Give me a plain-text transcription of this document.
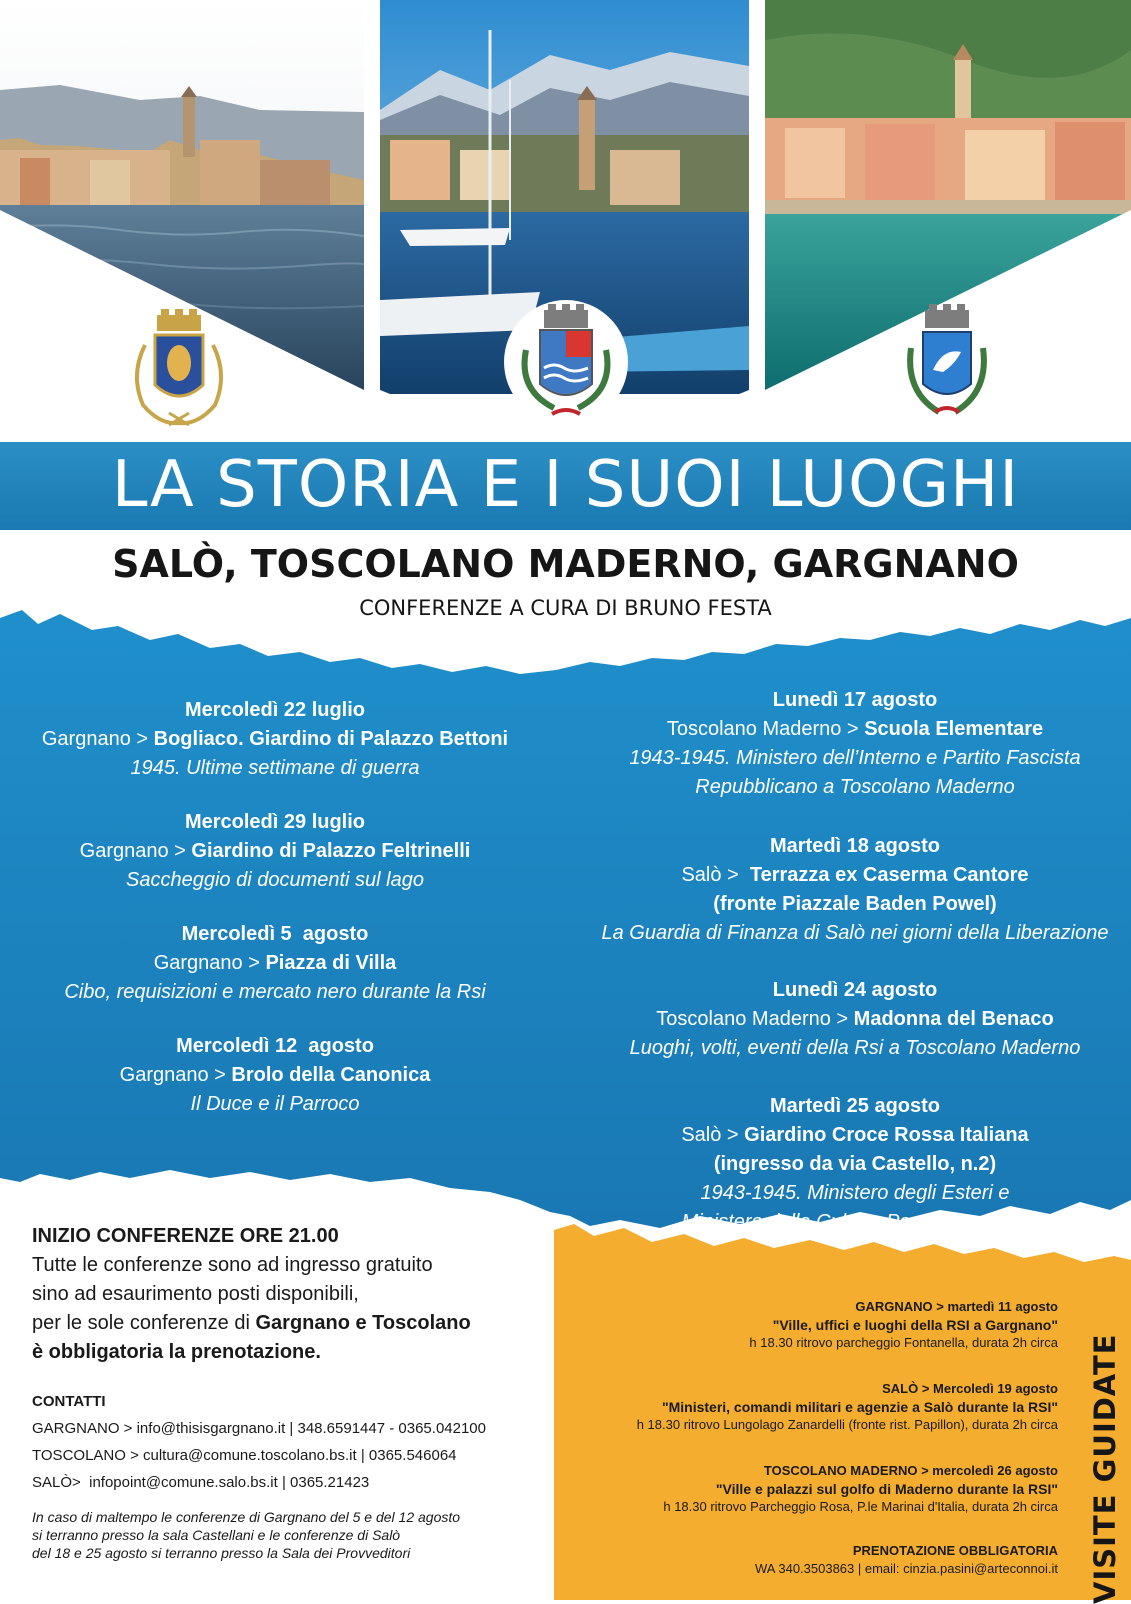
LA STORIA E I SUOI LUOGHI
SALÒ, TOSCOLANO MADERNO, GARGNANO
CONFERENZE A CURA DI BRUNO FESTA
Mercoledì 22 luglio
Gargnano > Bogliaco. Giardino di Palazzo Bettoni
1945. Ultime settimane di guerra
Mercoledì 29 luglio
Gargnano > Giardino di Palazzo Feltrinelli
Saccheggio di documenti sul lago
Mercoledì 5  agosto
Gargnano > Piazza di Villa
Cibo, requisizioni e mercato nero durante la Rsi
Mercoledì 12  agosto
Gargnano > Brolo della Canonica
Il Duce e il Parroco
Lunedì 17 agosto
Toscolano Maderno > Scuola Elementare
1943-1945. Ministero dell’Interno e Partito Fascista
Repubblicano a Toscolano Maderno
Martedì 18 agosto
Salò > Terrazza ex Caserma Cantore
(fronte Piazzale Baden Powel)
La Guardia di Finanza di Salò nei giorni della Liberazione
Lunedì 24 agosto
Toscolano Maderno > Madonna del Benaco
Luoghi, volti, eventi della Rsi a Toscolano Maderno
Martedì 25 agosto
Salò > Giardino Croce Rossa Italiana
(ingresso da via Castello, n.2)
1943-1945. Ministero degli Esteri e
Ministero della Cultura Popolare a Salò
INIZIO CONFERENZE ORE 21.00
Tutte le conferenze sono ad ingresso gratuito
sino ad esaurimento posti disponibili,
per le sole conferenze di Gargnano e Toscolano
è obbligatoria la prenotazione.
CONTATTI
GARGNANO > info@thisisgargnano.it | 348.6591447 - 0365.042100
TOSCOLANO > cultura@comune.toscolano.bs.it | 0365.546064
SALÒ>  infopoint@comune.salo.bs.it | 0365.21423
In caso di maltempo le conferenze di Gargnano del 5 e del 12 agosto
si terranno presso la sala Castellani e le conferenze di Salò
del 18 e 25 agosto si terranno presso la Sala dei Provveditori
GARGNANO > martedì 11 agosto
"Ville, uffici e luoghi della RSI a Gargnano"
h 18.30 ritrovo parcheggio Fontanella, durata 2h circa
SALÒ > Mercoledì 19 agosto
"Ministeri, comandi militari e agenzie a Salò durante la RSI"
h 18.30 ritrovo Lungolago Zanardelli (fronte rist. Papillon), durata 2h circa
TOSCOLANO MADERNO > mercoledì 26 agosto
"Ville e palazzi sul golfo di Maderno durante la RSI"
h 18.30 ritrovo Parcheggio Rosa, P.le Marinai d'Italia, durata 2h circa
PRENOTAZIONE OBBLIGATORIA
WA 340.3503863 | email: cinzia.pasini@arteconnoi.it VISITE GUIDATE
